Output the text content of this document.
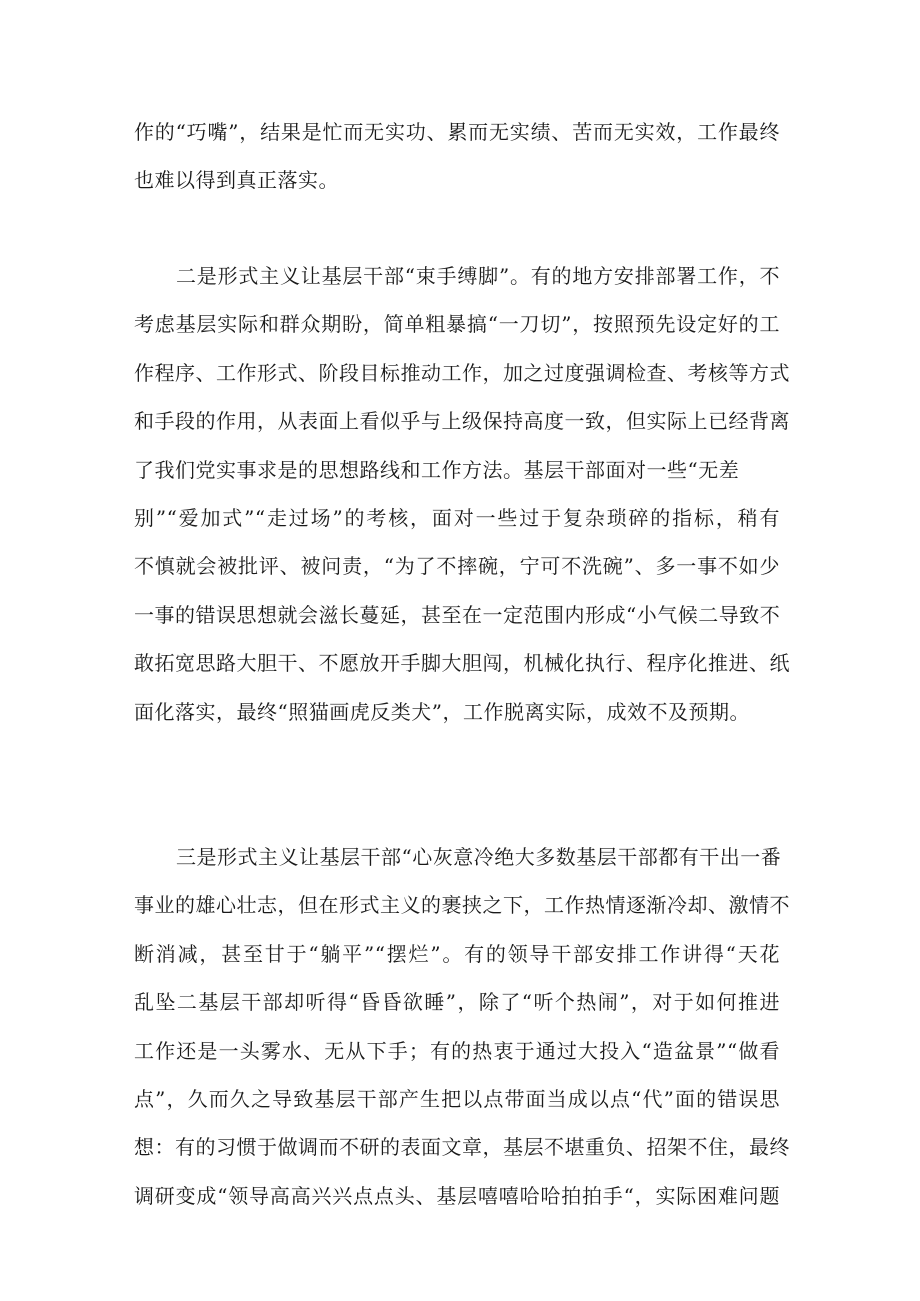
作的“巧嘴”，结果是忙而无实功、累而无实绩、苦而无实效，工作最终
也难以得到真正落实。
二是形式主义让基层干部“束手缚脚”。有的地方安排部署工作，不
考虑基层实际和群众期盼，简单粗暴搞“一刀切”，按照预先设定好的工
作程序、工作形式、阶段目标推动工作，加之过度强调检查、考核等方式
和手段的作用，从表面上看似乎与上级保持高度一致，但实际上已经背离
了我们党实事求是的思想路线和工作方法。基层干部面对一些“无差
别”“爱加式”“走过场”的考核，面对一些过于复杂琐碎的指标，稍有
不慎就会被批评、被问责，“为了不摔碗，宁可不洗碗”、多一事不如少
一事的错误思想就会滋长蔓延，甚至在一定范围内形成“小气候二导致不
敢拓宽思路大胆干、不愿放开手脚大胆闯，机械化执行、程序化推进、纸
面化落实，最终“照猫画虎反类犬”，工作脱离实际，成效不及预期。
三是形式主义让基层干部“心灰意冷绝大多数基层干部都有干出一番
事业的雄心壮志，但在形式主义的裹挟之下，工作热情逐渐冷却、激情不
断消减，甚至甘于“躺平”“摆烂”。有的领导干部安排工作讲得“天花
乱坠二基层干部却听得“昏昏欲睡”，除了“听个热闹”，对于如何推进
工作还是一头雾水、无从下手；有的热衷于通过大投入“造盆景”“做看
点”，久而久之导致基层干部产生把以点带面当成以点“代”面的错误思
想：有的习惯于做调而不研的表面文章，基层不堪重负、招架不住，最终
调研变成“领导高高兴兴点点头、基层嘻嘻哈哈拍拍手“，实际困难问题
